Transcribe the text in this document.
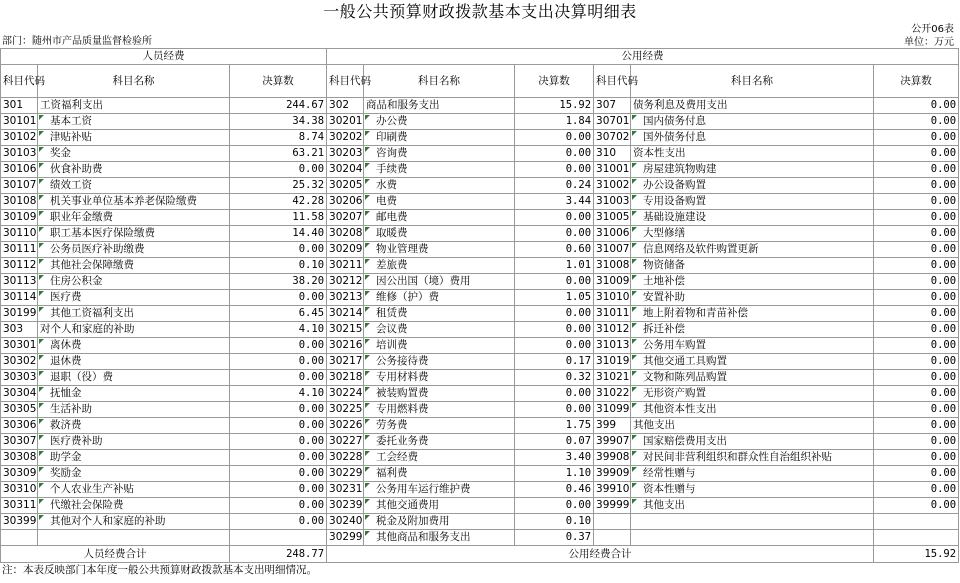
一般公共预算财政拨款基本支出决算明细表
公开06表
部门：随州市产品质量监督检验所	单位：万元
人员经费			公用经费					
科目代码	科目名称	决算数	科目代码	科目名称	决算数	科目代码	科目名称	决算数
301	工资福利支出	244.67	302	商品和服务支出	15.92	307	债务利息及费用支出	0.00
30101	基本工资	34.38	30201	办公费	1.84	30701	国内债务付息	0.00
30102	津贴补贴	8.74	30202	印刷费	0.00	30702	国外债务付息	0.00
30103	奖金	63.21	30203	咨询费	0.00	310	资本性支出	0.00
30106	伙食补助费	0.00	30204	手续费	0.00	31001	房屋建筑物购建	0.00
30107	绩效工资	25.32	30205	水费	0.24	31002	办公设备购置	0.00
30108	机关事业单位基本养老保险缴费	42.28	30206	电费	3.44	31003	专用设备购置	0.00
30109	职业年金缴费	11.58	30207	邮电费	0.00	31005	基础设施建设	0.00
30110	职工基本医疗保险缴费	14.40	30208	取暖费	0.00	31006	大型修缮	0.00
30111	公务员医疗补助缴费	0.00	30209	物业管理费	0.60	31007	信息网络及软件购置更新	0.00
30112	其他社会保障缴费	0.10	30211	差旅费	1.01	31008	物资储备	0.00
30113	住房公积金	38.20	30212	因公出国（境）费用	0.00	31009	土地补偿	0.00
30114	医疗费	0.00	30213	维修（护）费	1.05	31010	安置补助	0.00
30199	其他工资福利支出	6.45	30214	租赁费	0.00	31011	地上附着物和青苗补偿	0.00
303	对个人和家庭的补助	4.10	30215	会议费	0.00	31012	拆迁补偿	0.00
30301	离休费	0.00	30216	培训费	0.00	31013	公务用车购置	0.00
30302	退休费	0.00	30217	公务接待费	0.17	31019	其他交通工具购置	0.00
30303	退职（役）费	0.00	30218	专用材料费	0.32	31021	文物和陈列品购置	0.00
30304	抚恤金	4.10	30224	被装购置费	0.00	31022	无形资产购置	0.00
30305	生活补助	0.00	30225	专用燃料费	0.00	31099	其他资本性支出	0.00
30306	救济费	0.00	30226	劳务费	1.75	399	其他支出	0.00
30307	医疗费补助	0.00	30227	委托业务费	0.07	39907	国家赔偿费用支出	0.00
30308	助学金	0.00	30228	工会经费	3.40	39908	对民间非营利组织和群众性自治组织补贴	0.00
30309	奖励金	0.00	30229	福利费	1.10	39909	经常性赠与	0.00
30310	个人农业生产补贴	0.00	30231	公务用车运行维护费	0.46	39910	资本性赠与	0.00
30311	代缴社会保险费	0.00	30239	其他交通费用	0.00	39999	其他支出	0.00
30399	其他对个人和家庭的补助	0.00	30240	税金及附加费用	0.10			
			30299	其他商品和服务支出	0.37			
人员经费合计		248.77	公用经费合计					15.92
注：本表反映部门本年度一般公共预算财政拨款基本支出明细情况。
